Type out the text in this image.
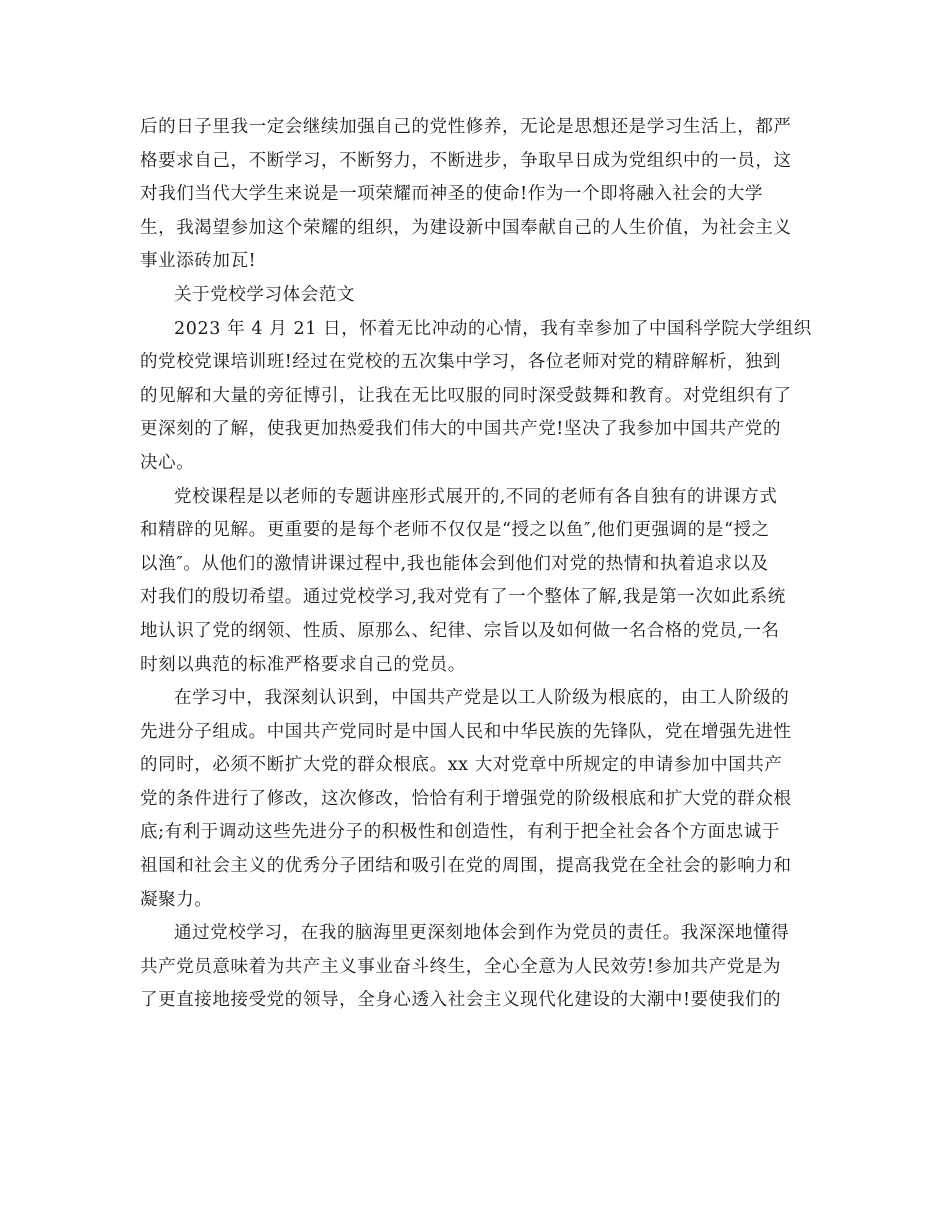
后的日子里我一定会继续加强自己的党性修养，无论是思想还是学习生活上，都严
格要求自己，不断学习，不断努力，不断进步，争取早日成为党组织中的一员，这
对我们当代大学生来说是一项荣耀而神圣的使命!作为一个即将融入社会的大学
生，我渴望参加这个荣耀的组织，为建设新中国奉献自己的人生价值，为社会主义
事业添砖加瓦!
关于党校学习体会范文
2023 年 4 月 21 日，怀着无比冲动的心情，我有幸参加了中国科学院大学组织
的党校党课培训班!经过在党校的五次集中学习，各位老师对党的精辟解析，独到
的见解和大量的旁征博引，让我在无比叹服的同时深受鼓舞和教育。对党组织有了
更深刻的了解，使我更加热爱我们伟大的中国共产党!坚决了我参加中国共产党的
决心。
党校课程是以老师的专题讲座形式展开的,不同的老师有各自独有的讲课方式
和精辟的见解。更重要的是每个老师不仅仅是“授之以鱼″,他们更强调的是“授之
以渔″。从他们的激情讲课过程中,我也能体会到他们对党的热情和执着追求以及
对我们的殷切希望。通过党校学习,我对党有了一个整体了解,我是第一次如此系统
地认识了党的纲领、性质、原那么、纪律、宗旨以及如何做一名合格的党员,一名
时刻以典范的标准严格要求自己的党员。
在学习中，我深刻认识到，中国共产党是以工人阶级为根底的，由工人阶级的
先进分子组成。中国共产党同时是中国人民和中华民族的先锋队，党在增强先进性
的同时，必须不断扩大党的群众根底。xx 大对党章中所规定的申请参加中国共产
党的条件进行了修改，这次修改，恰恰有利于增强党的阶级根底和扩大党的群众根
底;有利于调动这些先进分子的积极性和创造性，有利于把全社会各个方面忠诚于
祖国和社会主义的优秀分子团结和吸引在党的周围，提高我党在全社会的影响力和
凝聚力。
通过党校学习，在我的脑海里更深刻地体会到作为党员的责任。我深深地懂得
共产党员意味着为共产主义事业奋斗终生，全心全意为人民效劳!参加共产党是为
了更直接地接受党的领导，全身心透入社会主义现代化建设的大潮中!要使我们的
